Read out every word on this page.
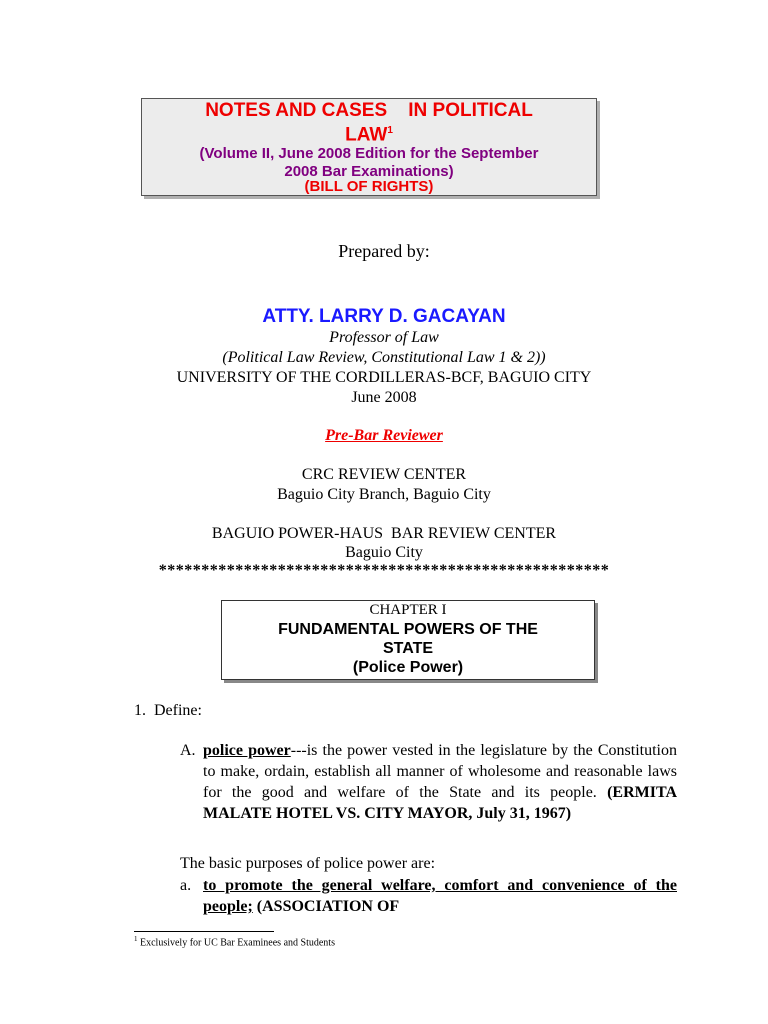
NOTES AND CASES    IN POLITICAL
LAW$^1$
(Volume II, June 2008 Edition for the September
2008 Bar Examinations)
(BILL OF RIGHTS)
Prepared by:
ATTY. LARRY D. GACAYAN
Professor of Law
(Political Law Review, Constitutional Law 1 & 2))
UNIVERSITY OF THE CORDILLERAS-BCF, BAGUIO CITY
June 2008
Pre-Bar Reviewer
CRC REVIEW CENTER
Baguio City Branch, Baguio City
BAGUIO POWER-HAUS  BAR REVIEW CENTER
Baguio City
*****************************************************
CHAPTER I
FUNDAMENTAL POWERS OF THE
STATE
(Police Power)
1.  Define:
A. police power---is the power vested in the legislature by the Constitution to make, ordain, establish all manner of wholesome and reasonable laws for the good and welfare of the State and its people. (ERMITA MALATE HOTEL VS. CITY MAYOR, July 31, 1967)
The basic purposes of police power are:
a. to promote the general welfare, comfort and convenience of the people; (ASSOCIATION OF
$^1$ Exclusively for UC Bar Examinees and Students
